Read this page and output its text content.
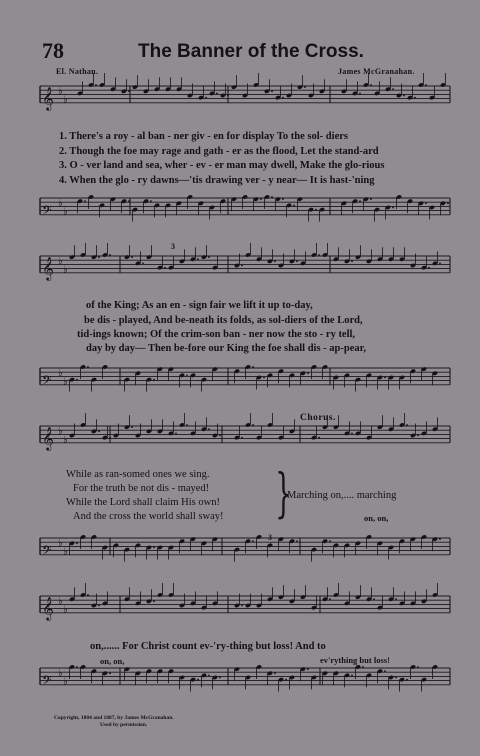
78	The Banner of the Cross.
El. Nathan.	James McGranahan.
𝄞 ♭
♭
𝄢 ♭
♭
𝄞 ♭
♭
𝄢 ♭
♭
𝄞 ♭
♭
𝄢 ♭
♭
𝄞 ♭
♭
𝄢 ♭
♭
3
3
1. There's a roy - al ban - ner giv - en for display To the sol- diers
2. Though the foe may rage and gath - er as the flood, Let the stand-ard
3. O - ver land and sea, wher - ev - er man may dwell, Make the glo-rious
4. When the glo - ry dawns—'tis drawing ver - y near— It is hast-'ning
of the King; As an en - sign fair we lift it up to-day,
be dis - played, And be-neath its folds, as sol-diers of the Lord,
tid-ings known; Of the crim-son ban - ner now the sto - ry tell,
day by day— Then be-fore our King the foe shall dis - ap-pear,
Chorus.
While as ran-somed ones we sing.
For the truth be not dis - mayed!
While the Lord shall claim His own!
And the cross the world shall sway! }
Marching on,.... marching
on, on,
on,...... For Christ count ev-'ry-thing but loss! And to
on, on,	ev'rything but loss!
Copyright, 1884 and 1887, by James McGranahan.
Used by permission.
